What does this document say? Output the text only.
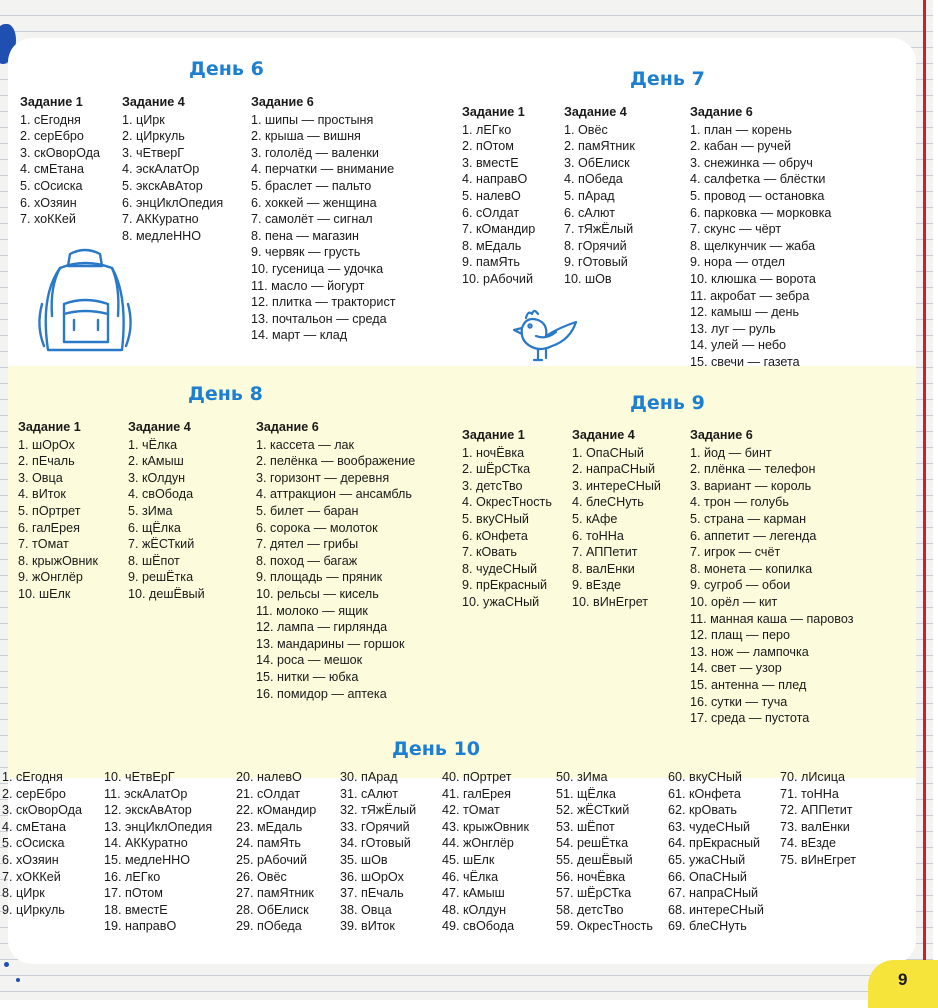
День 6
Задание 1
1. сЕгодня
2. серЕбро
3. скОворОда
4. смЕтана
5. сОсиска
6. хОзяин
7. хоККей
Задание 4
1. цИрк
2. цИркуль
3. чЕтверГ
4. эскАлатОр
5. экскАвАтор
6. энцИклОпедия
7. АККуратно
8. медлеННО
Задание 6
1. шипы — простыня
2. крыша — вишня
3. гололёд — валенки
4. перчатки — внимание
5. браслет — пальто
6. хоккей — женщина
7. самолёт — сигнал
8. пена — магазин
9. червяк — грусть
10. гусеница — удочка
11. масло — йогурт
12. плитка — тракторист
13. почтальон — среда
14. март — клад
День 7
Задание 1
1. лЕГко
2. пОтом
3. вместЕ
4. направО
5. налевО
6. сОлдат
7. кОмандир
8. мЕдаль
9. памЯть
10. рАбочий
Задание 4
1. Овёс
2. памЯтник
3. ОбЕлиск
4. пОбеда
5. пАрад
6. сАлют
7. тЯжЁлый
8. гОрячий
9. гОтовый
10. шОв
Задание 6
1. план — корень
2. кабан — ручей
3. снежинка — обруч
4. салфетка — блёстки
5. провод — остановка
6. парковка — морковка
7. скунс — чёрт
8. щелкунчик — жаба
9. нора — отдел
10. клюшка — ворота
11. акробат — зебра
12. камыш — день
13. луг — руль
14. улей — небо
15. свечи — газета
День 8
Задание 1
1. шОрОх
2. пЕчаль
3. Овца
4. вИток
5. пОртрет
6. галЕрея
7. тОмат
8. крыжОвник
9. жОнглёр
10. шЕлк
Задание 4
1. чЁлка
2. кАмыш
3. кОлдун
4. свОбода
5. зИма
6. щЁлка
7. жЁСТкий
8. шЁпот
9. решЁтка
10. дешЁвый
Задание 6
1. кассета — лак
2. пелёнка — воображение
3. горизонт — деревня
4. аттракцион — ансамбль
5. билет — баран
6. сорока — молоток
7. дятел — грибы
8. поход — багаж
9. площадь — пряник
10. рельсы — кисель
11. молоко — ящик
12. лампа — гирлянда
13. мандарины — горшок
14. роса — мешок
15. нитки — юбка
16. помидор — аптека
День 9
Задание 1
1. ночЁвка
2. шЁрСТка
3. детсТво
4. ОкресТность
5. вкуСНый
6. кОнфета
7. кОвать
8. чудеСНый
9. прЕкрасный
10. ужаСНый
Задание 4
1. ОпаСНый
2. напраСНый
3. интереСНый
4. блеСНуть
5. кАфе
6. тоННа
7. АППетит
8. валЕнки
9. вЕзде
10. вИнЕгрет
Задание 6
1. йод — бинт
2. плёнка — телефон
3. вариант — король
4. трон — голубь
5. страна — карман
6. аппетит — легенда
7. игрок — счёт
8. монета — копилка
9. сугроб — обои
10. орёл — кит
11. манная каша — паровоз
12. плащ — перо
13. нож — лампочка
14. свет — узор
15. антенна — плед
16. сутки — туча
17. среда — пустота
День 10
1. сЕгодня
2. серЕбро
3. скОворОда
4. смЕтана
5. сОсиска
6. хОзяин
7. хОККей
8. цИрк
9. цИркуль
10. чЕтвЕрГ
11. эскАлатОр
12. экскАвАтор
13. энцИклОпедия
14. АККуратно
15. медлеННО
16. лЕГко
17. пОтом
18. вместЕ
19. направО
20. налевО
21. сОлдат
22. кОмандир
23. мЕдаль
24. памЯть
25. рАбочий
26. Овёс
27. памЯтник
28. ОбЕлиск
29. пОбеда
30. пАрад
31. сАлют
32. тЯжЁлый
33. гОрячий
34. гОтовый
35. шОв
36. шОрОх
37. пЕчаль
38. Овца
39. вИток
40. пОртрет
41. галЕрея
42. тОмат
43. крыжОвник
44. жОнглёр
45. шЕлк
46. чЁлка
47. кАмыш
48. кОлдун
49. свОбода
50. зИма
51. щЁлка
52. жЁСТкий
53. шЁпот
54. решЁтка
55. дешЁвый
56. ночЁвка
57. шЁрСТка
58. детсТво
59. ОкресТность
60. вкуСНый
61. кОнфета
62. крОвать
63. чудеСНый
64. прЕкрасный
65. ужаСНый
66. ОпаСНый
67. напраСНый
68. интереСНый
69. блеСНуть
70. лИсица
71. тоННа
72. АППетит
73. валЕнки
74. вЕзде
75. вИнЕгрет
9
